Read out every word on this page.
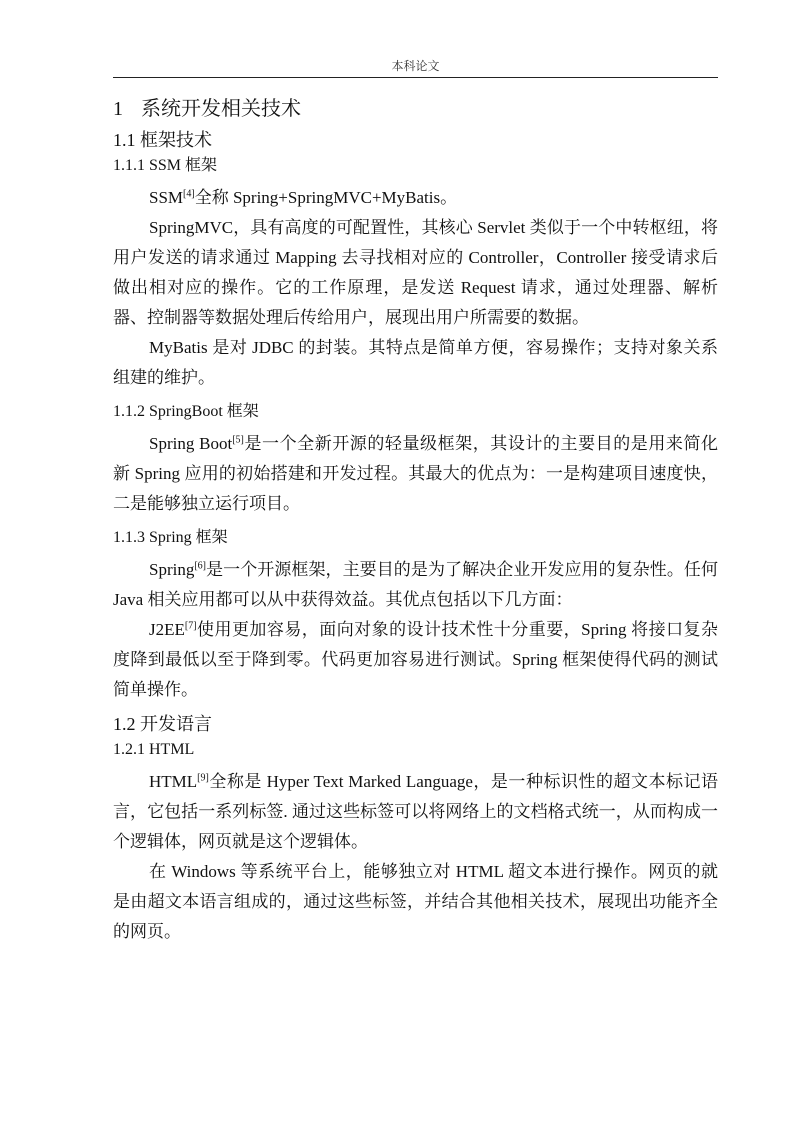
本科论文
1 系统开发相关技术
1.1 框架技术
1.1.1 SSM 框架

SSM[4]全称 Spring+SpringMVC+MyBatis。

SpringMVC，具有高度的可配置性，其核心 Servlet 类似于一个中转枢纽，将用户发送的请求通过 Mapping 去寻找相对应的 Controller，Controller 接受请求后做出相对应的操作。它的工作原理，是发送 Request 请求，通过处理器、解析器、控制器等数据处理后传给用户，展现出用户所需要的数据。

MyBatis 是对 JDBC 的封装。其特点是简单方便，容易操作；支持对象关系组建的维护。

1.1.2 SpringBoot 框架

Spring Boot[5]是一个全新开源的轻量级框架，其设计的主要目的是用来简化新 Spring 应用的初始搭建和开发过程。其最大的优点为：一是构建项目速度快，二是能够独立运行项目。

1.1.3 Spring 框架

Spring[6]是一个开源框架，主要目的是为了解决企业开发应用的复杂性。任何 Java 相关应用都可以从中获得效益。其优点包括以下几方面：

J2EE[7]使用更加容易，面向对象的设计技术性十分重要，Spring 将接口复杂度降到最低以至于降到零。代码更加容易进行测试。Spring 框架使得代码的测试简单操作。

1.2 开发语言
1.2.1 HTML

HTML[9]全称是 Hyper Text Marked Language，是一种标识性的超文本标记语言，它包括一系列标签. 通过这些标签可以将网络上的文档格式统一，从而构成一个逻辑体，网页就是这个逻辑体。

在 Windows 等系统平台上，能够独立对 HTML 超文本进行操作。网页的就是由超文本语言组成的，通过这些标签，并结合其他相关技术，展现出功能齐全的网页。
